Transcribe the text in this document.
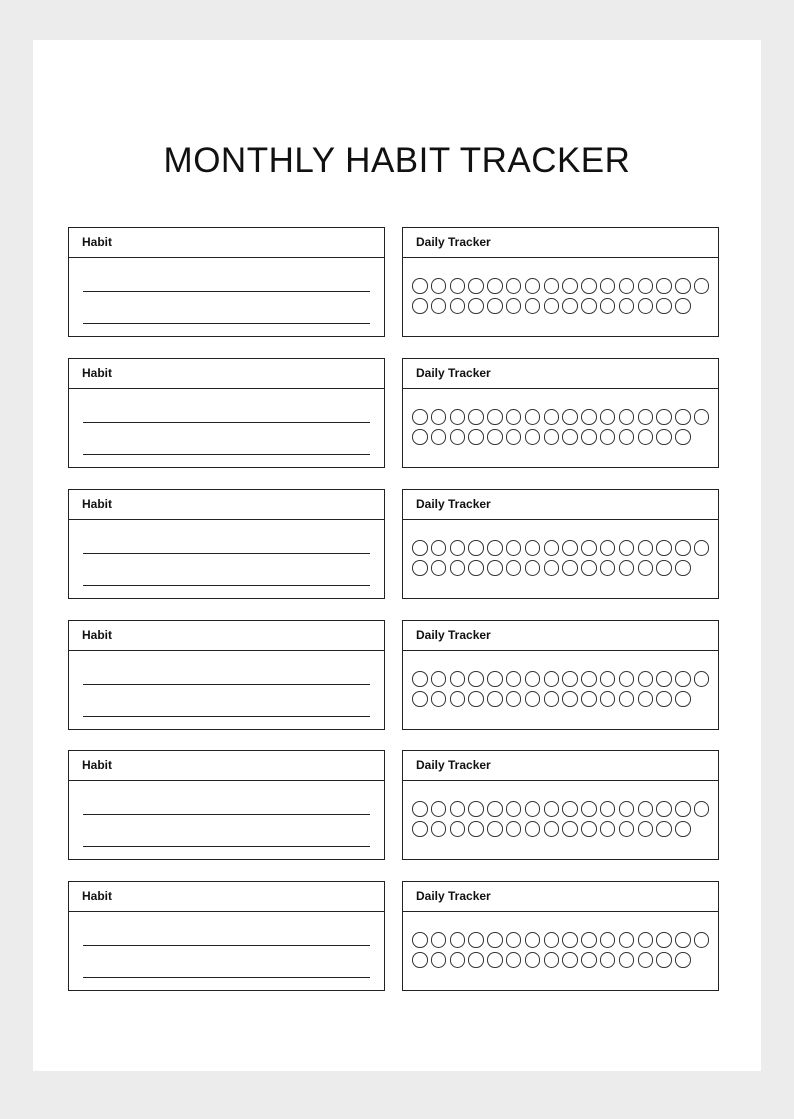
MONTHLY HABIT TRACKER
Habit	Daily Tracker
Habit	Daily Tracker
Habit	Daily Tracker
Habit	Daily Tracker
Habit	Daily Tracker
Habit	Daily Tracker
